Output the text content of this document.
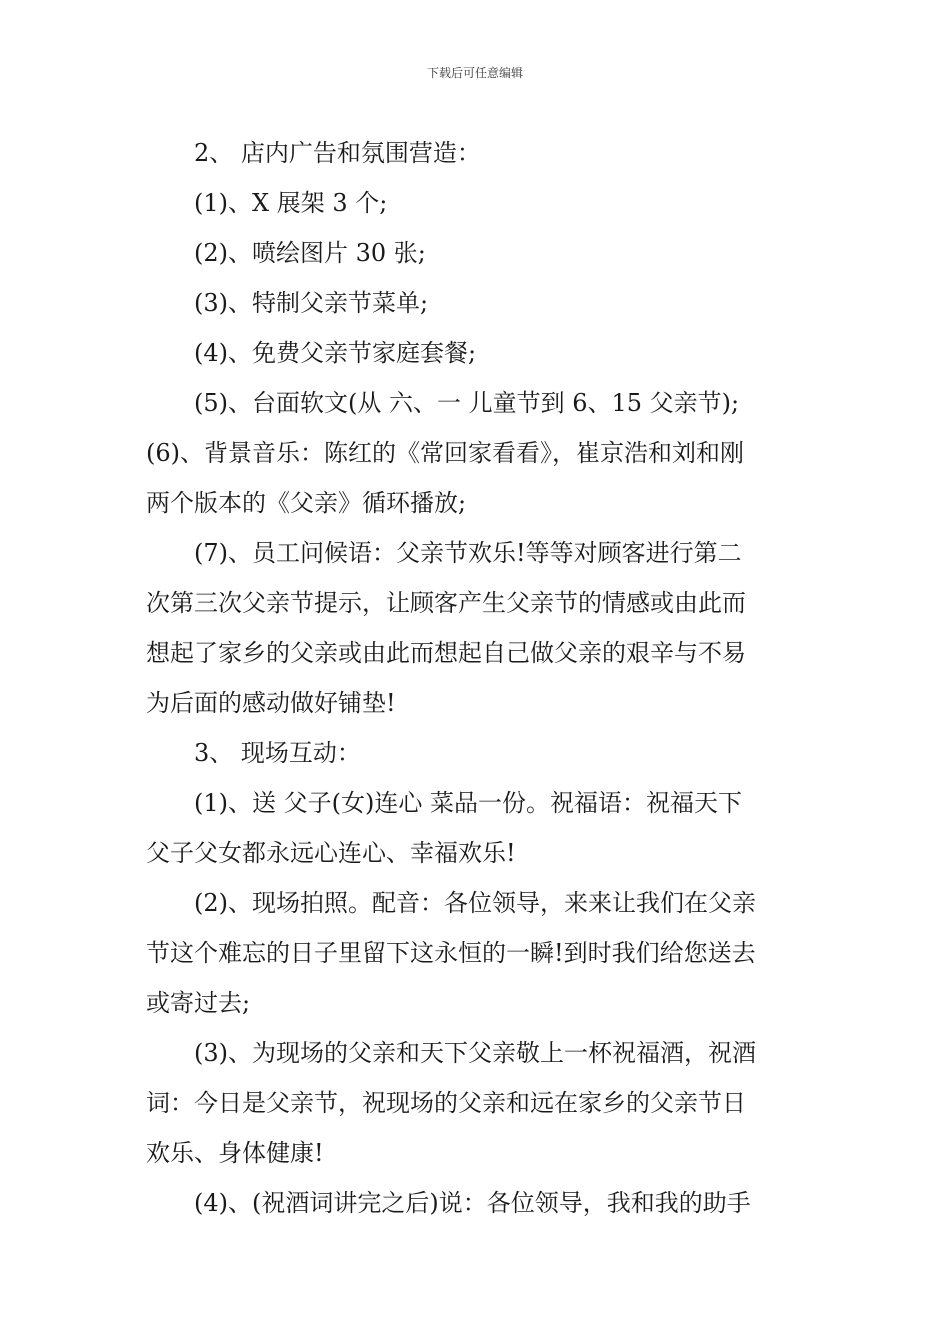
下载后可任意编辑

2、 店内广告和氛围营造：

(1)、X 展架 3 个;

(2)、喷绘图片 30 张;

(3)、特制父亲节菜单;

(4)、免费父亲节家庭套餐;

(5)、台面软文(从 六、一 儿童节到 6、15 父亲节);

(6)、背景音乐：陈红的《常回家看看》，崔京浩和刘和刚

两个版本的《父亲》循环播放;

(7)、员工问候语：父亲节欢乐!等等对顾客进行第二

次第三次父亲节提示，让顾客产生父亲节的情感或由此而

想起了家乡的父亲或由此而想起自己做父亲的艰辛与不易

为后面的感动做好铺垫!

3、 现场互动：

(1)、送 父子(女)连心 菜品一份。祝福语：祝福天下

父子父女都永远心连心、幸福欢乐!

(2)、现场拍照。配音：各位领导，来来让我们在父亲

节这个难忘的日子里留下这永恒的一瞬!到时我们给您送去

或寄过去;

(3)、为现场的父亲和天下父亲敬上一杯祝福酒，祝酒

词：今日是父亲节，祝现场的父亲和远在家乡的父亲节日

欢乐、身体健康!

(4)、(祝酒词讲完之后)说：各位领导，我和我的助手
